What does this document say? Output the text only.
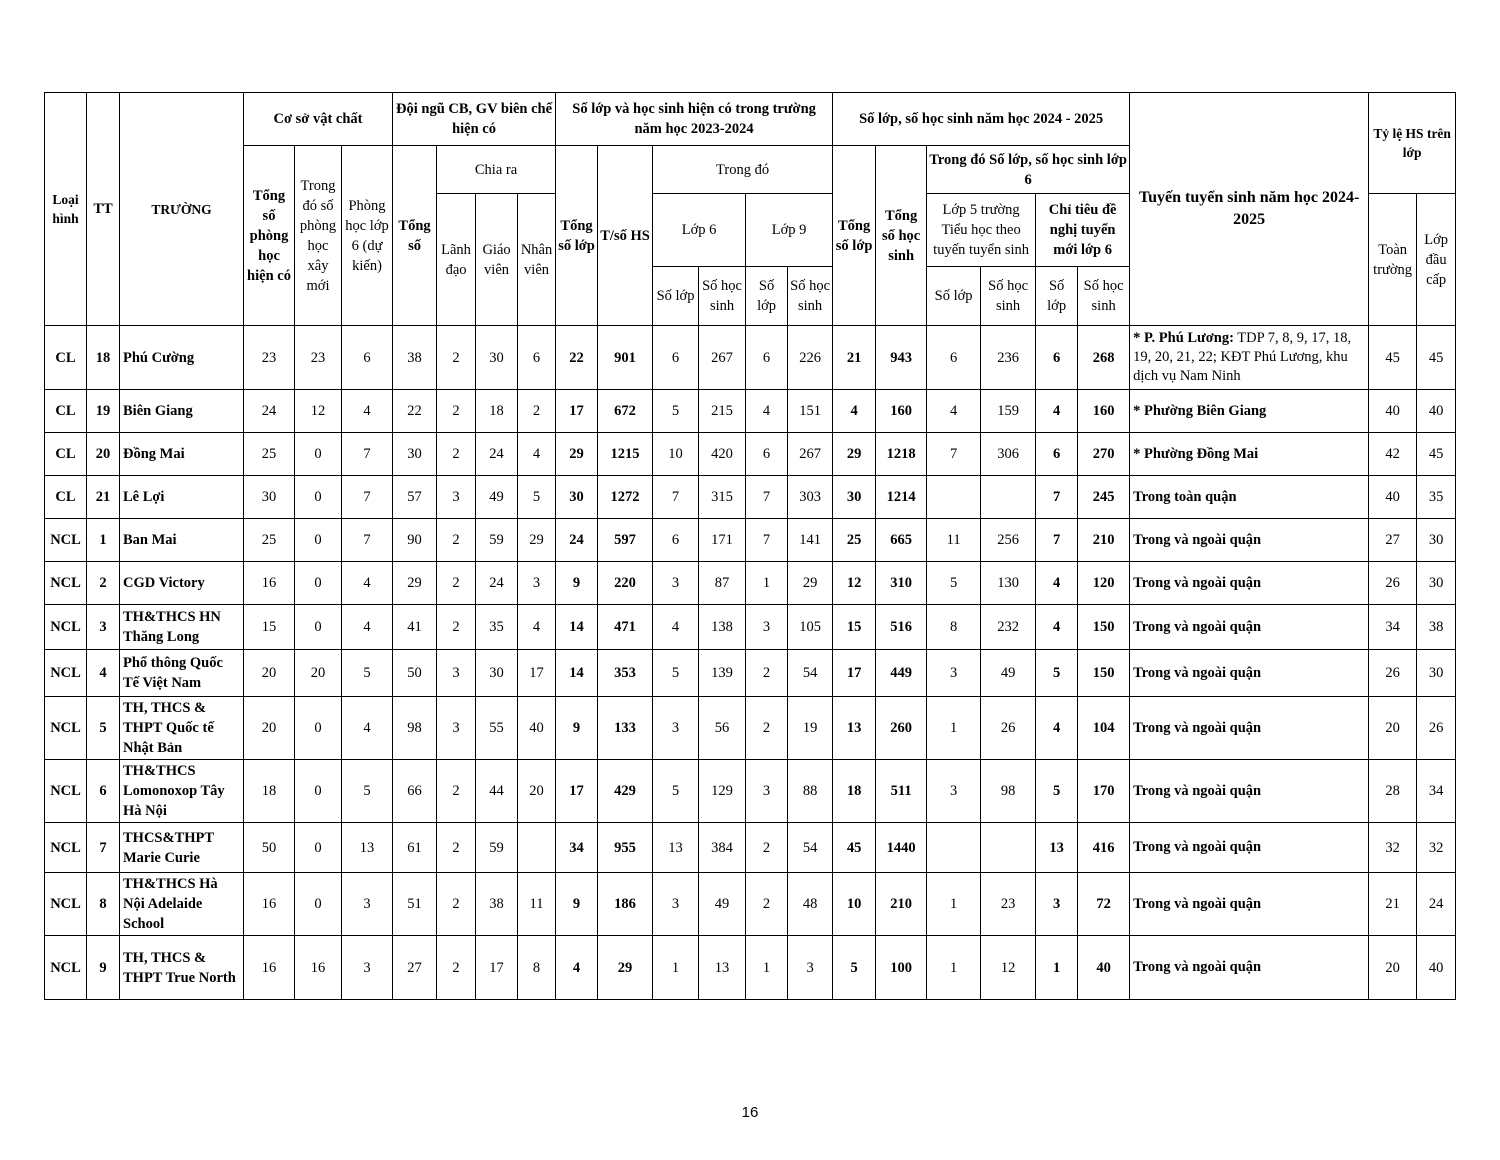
Loại hình	TT	TRƯỜNG	Cơ sở vật chất			Đội ngũ CB, GV biên chế hiện có				Số lớp và học sinh hiện có trong trường năm học 2023-2024						Số lớp, số học sinh năm học 2024 - 2025						Tuyến tuyển sinh năm học 2024-2025	Tỷ lệ HS trên lớp	
			Tổng số phòng học hiện có	Trong đó số phòng học xây mới	Phòng học lớp 6 (dự kiến)	Tổng số	Chia ra			Tổng số lớp	T/số HS	Trong đó				Tổng số lớp	Tổng số học sinh	Trong đó Số lớp, số học sinh lớp 6						
							Lãnh đạo	Giáo viên	Nhân viên			Lớp 6		Lớp 9				Lớp 5 trường Tiểu học theo tuyến tuyển sinh		Chỉ tiêu đề nghị tuyển mới lớp 6			Toàn trường	Lớp đầu cấp
												Số lớp	Số học sinh	Số lớp	Số học sinh			Số lớp	Số học sinh	Số lớp	Số học sinh			
CL	18	Phú Cường	23	23	6	38	2	30	6	22	901	6	267	6	226	21	943	6	236	6	268	* P. Phú Lương: TDP 7, 8, 9, 17, 18, 19, 20, 21, 22; KĐT Phú Lương, khu dịch vụ Nam Ninh	45	45
CL	19	Biên Giang	24	12	4	22	2	18	2	17	672	5	215	4	151	4	160	4	159	4	160	* Phường Biên Giang	40	40
CL	20	Đồng Mai	25	0	7	30	2	24	4	29	1215	10	420	6	267	29	1218	7	306	6	270	* Phường Đồng Mai	42	45
CL	21	Lê Lợi	30	0	7	57	3	49	5	30	1272	7	315	7	303	30	1214			7	245	Trong toàn quận	40	35
NCL	1	Ban Mai	25	0	7	90	2	59	29	24	597	6	171	7	141	25	665	11	256	7	210	Trong và ngoài quận	27	30
NCL	2	CGD Victory	16	0	4	29	2	24	3	9	220	3	87	1	29	12	310	5	130	4	120	Trong và ngoài quận	26	30
NCL	3	TH&THCS HN Thăng Long	15	0	4	41	2	35	4	14	471	4	138	3	105	15	516	8	232	4	150	Trong và ngoài quận	34	38
NCL	4	Phổ thông Quốc Tế Việt Nam	20	20	5	50	3	30	17	14	353	5	139	2	54	17	449	3	49	5	150	Trong và ngoài quận	26	30
NCL	5	TH, THCS & THPT Quốc tế Nhật Bản	20	0	4	98	3	55	40	9	133	3	56	2	19	13	260	1	26	4	104	Trong và ngoài quận	20	26
NCL	6	TH&THCS Lomonoxop Tây Hà Nội	18	0	5	66	2	44	20	17	429	5	129	3	88	18	511	3	98	5	170	Trong và ngoài quận	28	34
NCL	7	THCS&THPT Marie Curie	50	0	13	61	2	59		34	955	13	384	2	54	45	1440			13	416	Trong và ngoài quận	32	32
NCL	8	TH&THCS Hà Nội Adelaide School	16	0	3	51	2	38	11	9	186	3	49	2	48	10	210	1	23	3	72	Trong và ngoài quận	21	24
NCL	9	TH, THCS & THPT True North	16	16	3	27	2	17	8	4	29	1	13	1	3	5	100	1	12	1	40	Trong và ngoài quận	20	40
16
